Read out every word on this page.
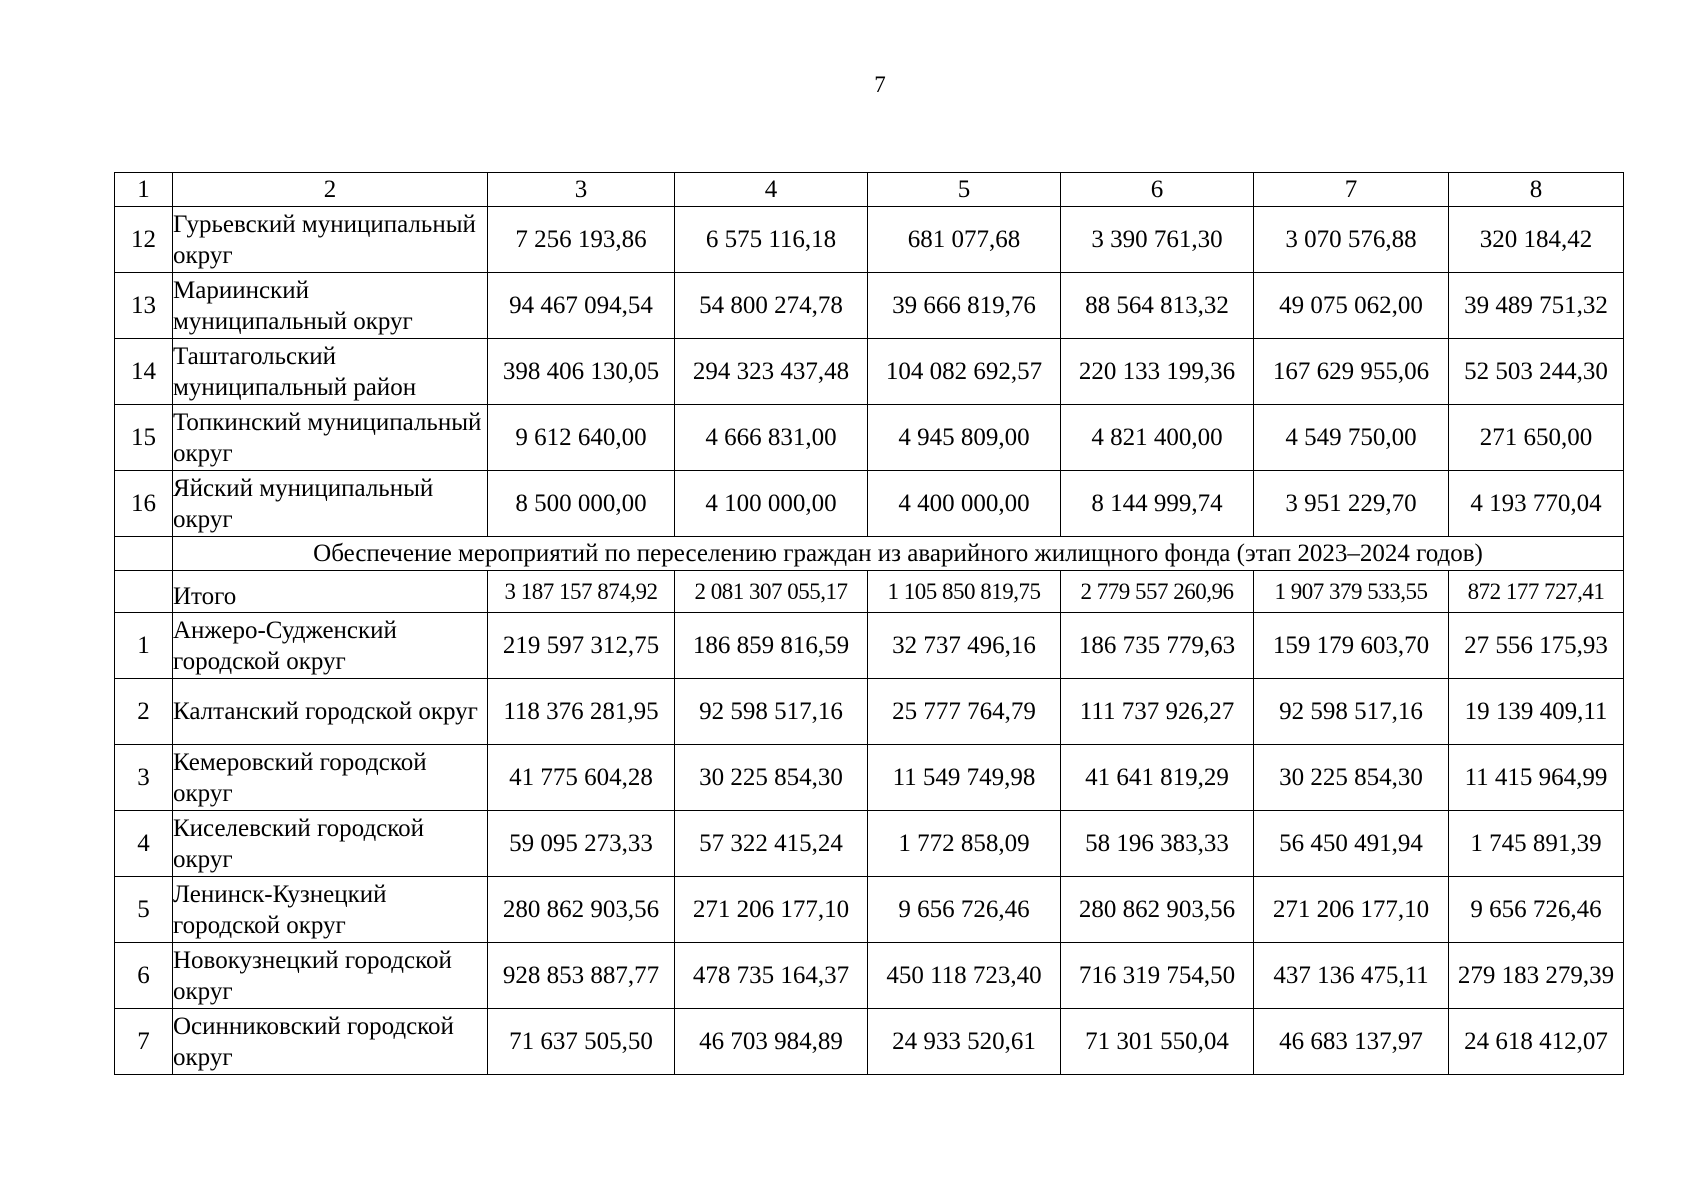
7
1	2	3	4	5	6	7	8
12	Гурьевский муниципальный округ	7 256 193,86	6 575 116,18	681 077,68	3 390 761,30	3 070 576,88	320 184,42
13	Мариинский муниципальный округ	94 467 094,54	54 800 274,78	39 666 819,76	88 564 813,32	49 075 062,00	39 489 751,32
14	Таштагольский муниципальный район	398 406 130,05	294 323 437,48	104 082 692,57	220 133 199,36	167 629 955,06	52 503 244,30
15	Топкинский муниципальный округ	9 612 640,00	4 666 831,00	4 945 809,00	4 821 400,00	4 549 750,00	271 650,00
16	Яйский муниципальный округ	8 500 000,00	4 100 000,00	4 400 000,00	8 144 999,74	3 951 229,70	4 193 770,04
	Обеспечение мероприятий по переселению граждан из аварийного жилищного фонда (этап 2023–2024 годов)						
	Итого	3 187 157 874,92	2 081 307 055,17	1 105 850 819,75	2 779 557 260,96	1 907 379 533,55	872 177 727,41
1	Анжеро-Судженский городской округ	219 597 312,75	186 859 816,59	32 737 496,16	186 735 779,63	159 179 603,70	27 556 175,93
2	Калтанский городской округ	118 376 281,95	92 598 517,16	25 777 764,79	111 737 926,27	92 598 517,16	19 139 409,11
3	Кемеровский городской округ	41 775 604,28	30 225 854,30	11 549 749,98	41 641 819,29	30 225 854,30	11 415 964,99
4	Киселевский городской округ	59 095 273,33	57 322 415,24	1 772 858,09	58 196 383,33	56 450 491,94	1 745 891,39
5	Ленинск-Кузнецкий городской округ	280 862 903,56	271 206 177,10	9 656 726,46	280 862 903,56	271 206 177,10	9 656 726,46
6	Новокузнецкий городской округ	928 853 887,77	478 735 164,37	450 118 723,40	716 319 754,50	437 136 475,11	279 183 279,39
7	Осинниковский городской округ	71 637 505,50	46 703 984,89	24 933 520,61	71 301 550,04	46 683 137,97	24 618 412,07
